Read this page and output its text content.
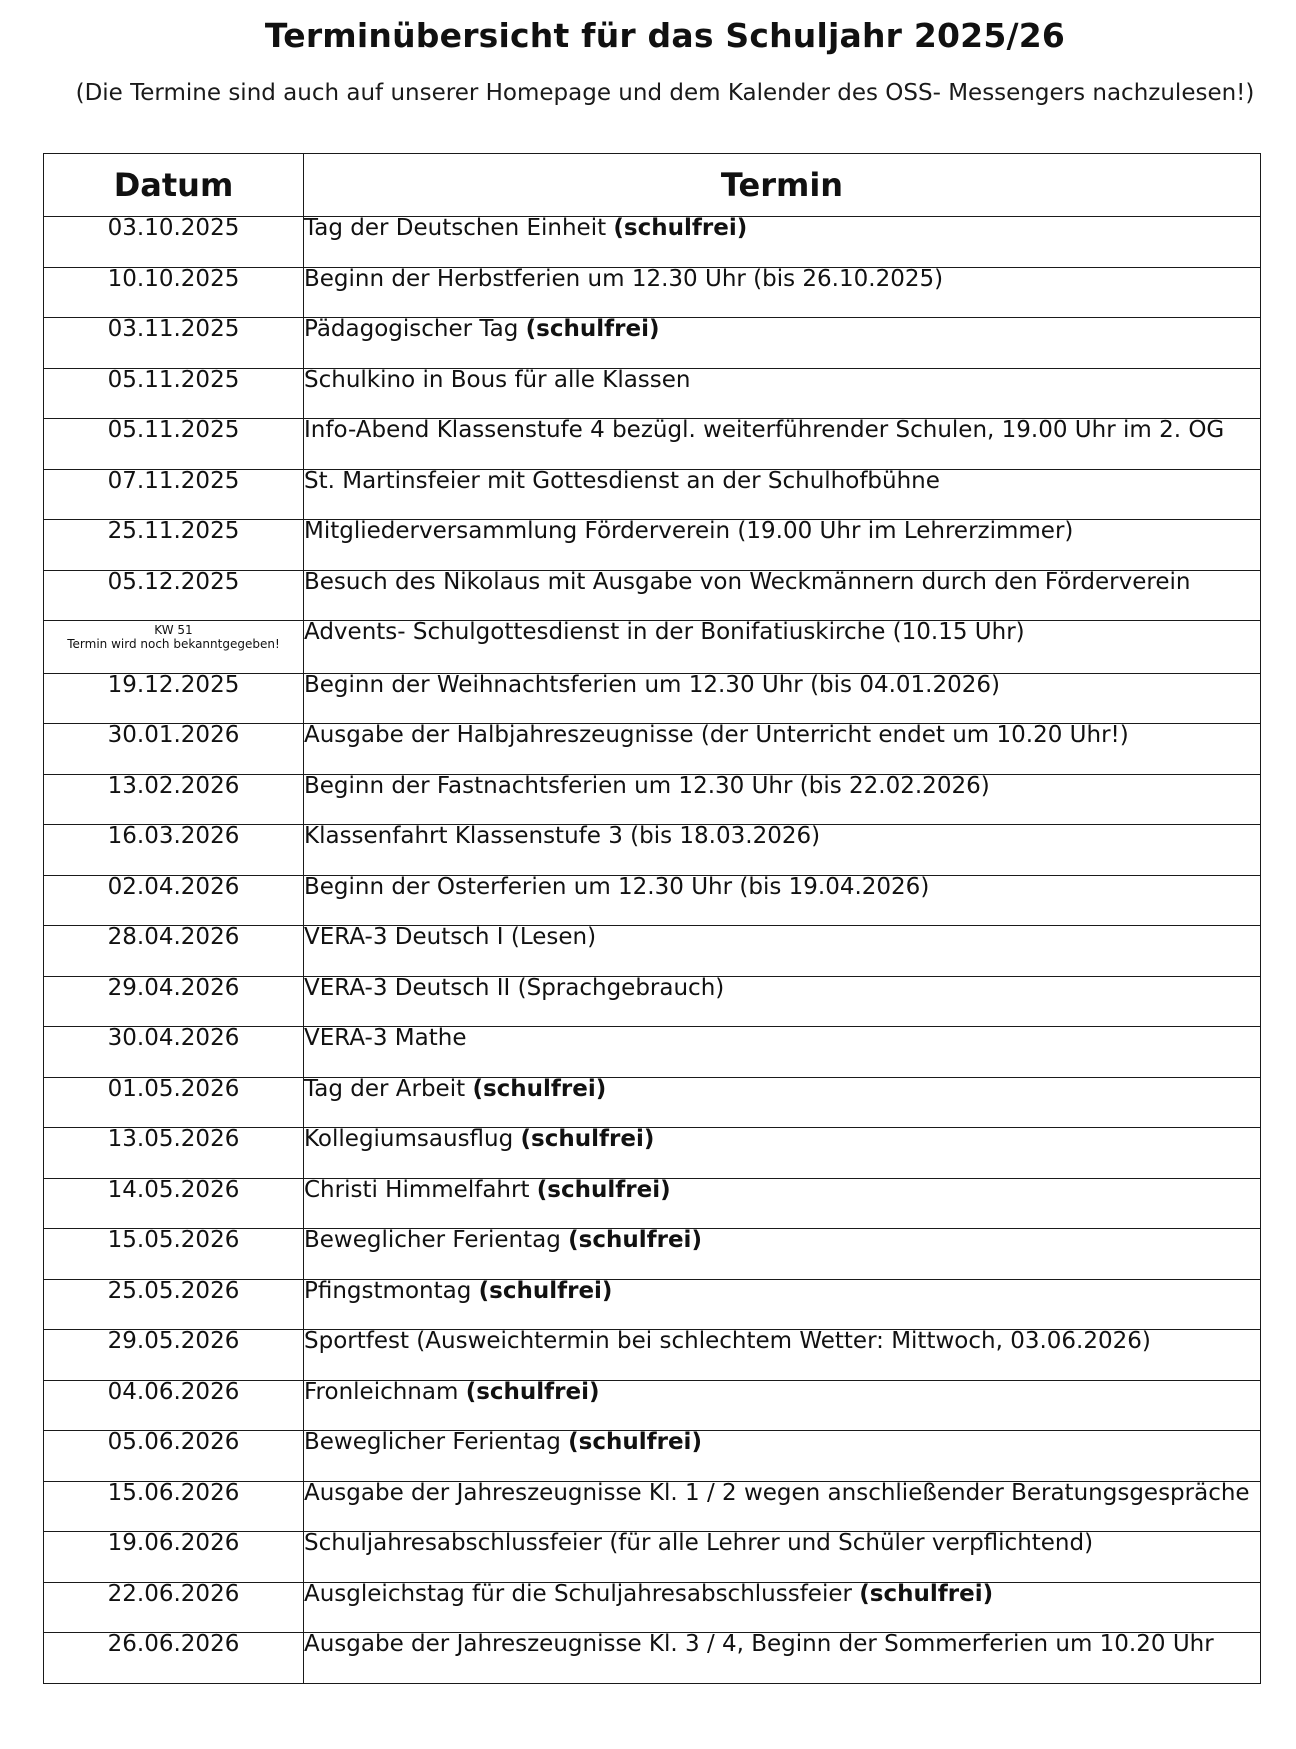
Terminübersicht für das Schuljahr 2025/26
(Die Termine sind auch auf unserer Homepage und dem Kalender des OSS- Messengers nachzulesen!)
Datum	Termin
03.10.2025	Tag der Deutschen Einheit (schulfrei)
10.10.2025	Beginn der Herbstferien um 12.30 Uhr (bis 26.10.2025)
03.11.2025	Pädagogischer Tag (schulfrei)
05.11.2025	Schulkino in Bous für alle Klassen
05.11.2025	Info-Abend Klassenstufe 4 bezügl. weiterführender Schulen, 19.00 Uhr im 2. OG
07.11.2025	St. Martinsfeier mit Gottesdienst an der Schulhofbühne
25.11.2025	Mitgliederversammlung Förderverein (19.00 Uhr im Lehrerzimmer)
05.12.2025	Besuch des Nikolaus mit Ausgabe von Weckmännern durch den Förderverein

KW 51
Termin wird noch bekanntgegeben!	Advents- Schulgottesdienst in der Bonifatiuskirche (10.15 Uhr)
19.12.2025	Beginn der Weihnachtsferien um 12.30 Uhr (bis 04.01.2026)
30.01.2026	Ausgabe der Halbjahreszeugnisse (der Unterricht endet um 10.20 Uhr!)
13.02.2026	Beginn der Fastnachtsferien um 12.30 Uhr (bis 22.02.2026)
16.03.2026	Klassenfahrt Klassenstufe 3 (bis 18.03.2026)
02.04.2026	Beginn der Osterferien um 12.30 Uhr (bis 19.04.2026)
28.04.2026	VERA-3 Deutsch I (Lesen)
29.04.2026	VERA-3 Deutsch II (Sprachgebrauch)
30.04.2026	VERA-3 Mathe
01.05.2026	Tag der Arbeit (schulfrei)
13.05.2026	Kollegiumsausflug (schulfrei)
14.05.2026	Christi Himmelfahrt (schulfrei)
15.05.2026	Beweglicher Ferientag (schulfrei)
25.05.2026	Pfingstmontag (schulfrei)
29.05.2026	Sportfest (Ausweichtermin bei schlechtem Wetter: Mittwoch, 03.06.2026)
04.06.2026	Fronleichnam (schulfrei)
05.06.2026	Beweglicher Ferientag (schulfrei)
15.06.2026	Ausgabe der Jahreszeugnisse Kl. 1 / 2 wegen anschließender Beratungsgespräche
19.06.2026	Schuljahresabschlussfeier (für alle Lehrer und Schüler verpflichtend)
22.06.2026	Ausgleichstag für die Schuljahresabschlussfeier (schulfrei)
26.06.2026	Ausgabe der Jahreszeugnisse Kl. 3 / 4, Beginn der Sommerferien um 10.20 Uhr
